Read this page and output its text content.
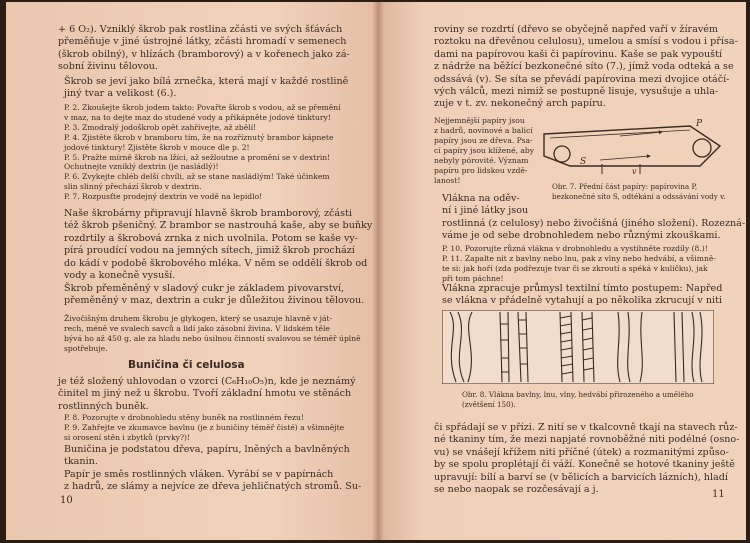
+ 6 O₂). Vzniklý škrob pak rostlina zčásti ve svých šťávách
přeměňuje v jiné ústrojné látky, zčásti hromadí v semenech
(škrob obilný), v hlízách (bramborový) a v kořenech jako zá-
sobní živinu tělovou.
Škrob se jeví jako bílá zrnečka, která mají v každé rostlině
jiný tvar a velikost (6.).
P. 2. Zkoušejte škrob jodem takto: Povařte škrob s vodou, až se přemění
v maz, na to dejte maz do studené vody a přikápněte jodové tinktury!
P. 3. Zmodralý jodoškrob opět zahřívejte, až zbělí!
P. 4. Zjistěte škrob v bramboru tím, že na rozříznutý brambor kápnete
jodové tinktury! Zjistěte škrob v mouce dle p. 2!
P. 5. Pražte mírně škrob na lžíci, až sežloutne a promění se v dextrin!
Ochutnejte vzniklý dextrin (je nasládlý)!
P. 6. Zvykejte chléb delší chvíli, až se stane nasládlým! Také účinkem
slin slinný přechází škrob v dextrin.
P. 7. Rozpusťte prodejný dextrin ve vodě na lepidlo!
Naše škrobárny připravují hlavně škrob bramborový, zčásti
též škrob pšeničný. Z brambor se nastrouhá kaše, aby se buňky
rozdrtily a škrobová zrnka z nich uvolnila. Potom se kaše vy-
pírá proudící vodou na jemných sítech, jimiž škrob prochází
do kádí v podobě škrobového mléka. V něm se oddělí škrob od
vody a konečně vysuší.
Škrob přeměněný v sladový cukr je základem pivovarství,
přeměněný v maz, dextrin a cukr je důležitou živinou tělovou.
Živočišným druhem škrobu je glykogen, který se usazuje hlavně v ját-
rech, méně ve svalech savců a lidí jako zásobní živina. V lidském těle
bývá ho až 450 g, ale za hladu nebo úsilnou činností svalovou se téměř úplně
spotřebuje.
Buničina či celulosa
je též složený uhlovodan o vzorci (C₆H₁₀O₅)n, kde je neznámý
činitel m jiný než u škrobu. Tvoří základní hmotu ve stěnách
rostlinných buněk.
P. 8. Pozorujte v drobnohledu stěny buněk na rostlinném řezu!
P. 9. Zahřejte ve zkumavce bavlnu (je z buničiny téměř čisté) a všimnějte
si orosení stěn i zbytků (prvky?)!
Buničina je podstatou dřeva, papíru, lněných a bavlněných
tkanin.
Papír je směs rostlinných vláken. Vyrábí se v papírnách
z hadrů, ze slámy a nejvíce ze dřeva jehličnatých stromů. Su-
10
roviny se rozdrtí (dřevo se obyčejně napřed vaří v žíravém
roztoku na dřevěnou celulosu), umelou a smísí s vodou i přísa-
dami na papírovou kaši či papírovinu. Kaše se pak vypouští
z nádrže na běžící bezkonečné síto (7.), jímž voda odteká a se
odssává (v). Se síta se převádí papírovina mezi dvojice otáčí-
vých válců, mezi nimiž se postupně lisuje, vysušuje a uhla-
zuje v t. zv. nekonečný arch papíru.
Nejjemnější papíry jsou
z hadrů, novinové a balicí
papíry jsou ze dřeva. Psa-
cí papíry jsou klížené, aby
nebyly pórovité. Význam
papíru pro lidskou vzdě-
lanost!
Obr. 7. Přední část papíry: papírovina P,
bezkonečné síto S, odtékání a odssávání vody v.
Vlákna na oděv-
ní i jiné látky jsou
rostlinná (z celulosy) nebo živočišná (jiného složení). Rozezná-
váme je od sebe drobnohledem nebo různými zkouškami.
P. 10. Pozorujte různá vlákna v drobnohledu a vystihněte rozdíly (8.)!
P. 11. Zapalte nit z bavlny nebo lnu, pak z vlny nebo hedvábí, a všimně-
te si: jak hoří (zda podřezuje tvar či se zkroutí a spéká v kuličku), jak
při tom páchne!
Vlákna zpracuje průmysl textilní tímto postupem: Napřed
se vlákna v přádelně vytahují a po několika zkrucují v niti
Obr. 8. Vlákna bavlny, lnu, vlny, hedvábí přirozeného a umělého
(zvětšení 150).
či spřádají se v přízi. Z nití se v tkalcovně tkají na stavech růz-
né tkaniny tím, že mezi napjaté rovnoběžné niti podélné (osno-
vu) se vnášejí křížem niti příčné (útek) a rozmanitými způso-
by se spolu proplétají či váží. Konečně se hotové tkaniny ještě
upravují: bílí a barví se (v bělicích a barvicích lázních), hladí
se nebo naopak se rozčesávají a j.	11
S
P
v
